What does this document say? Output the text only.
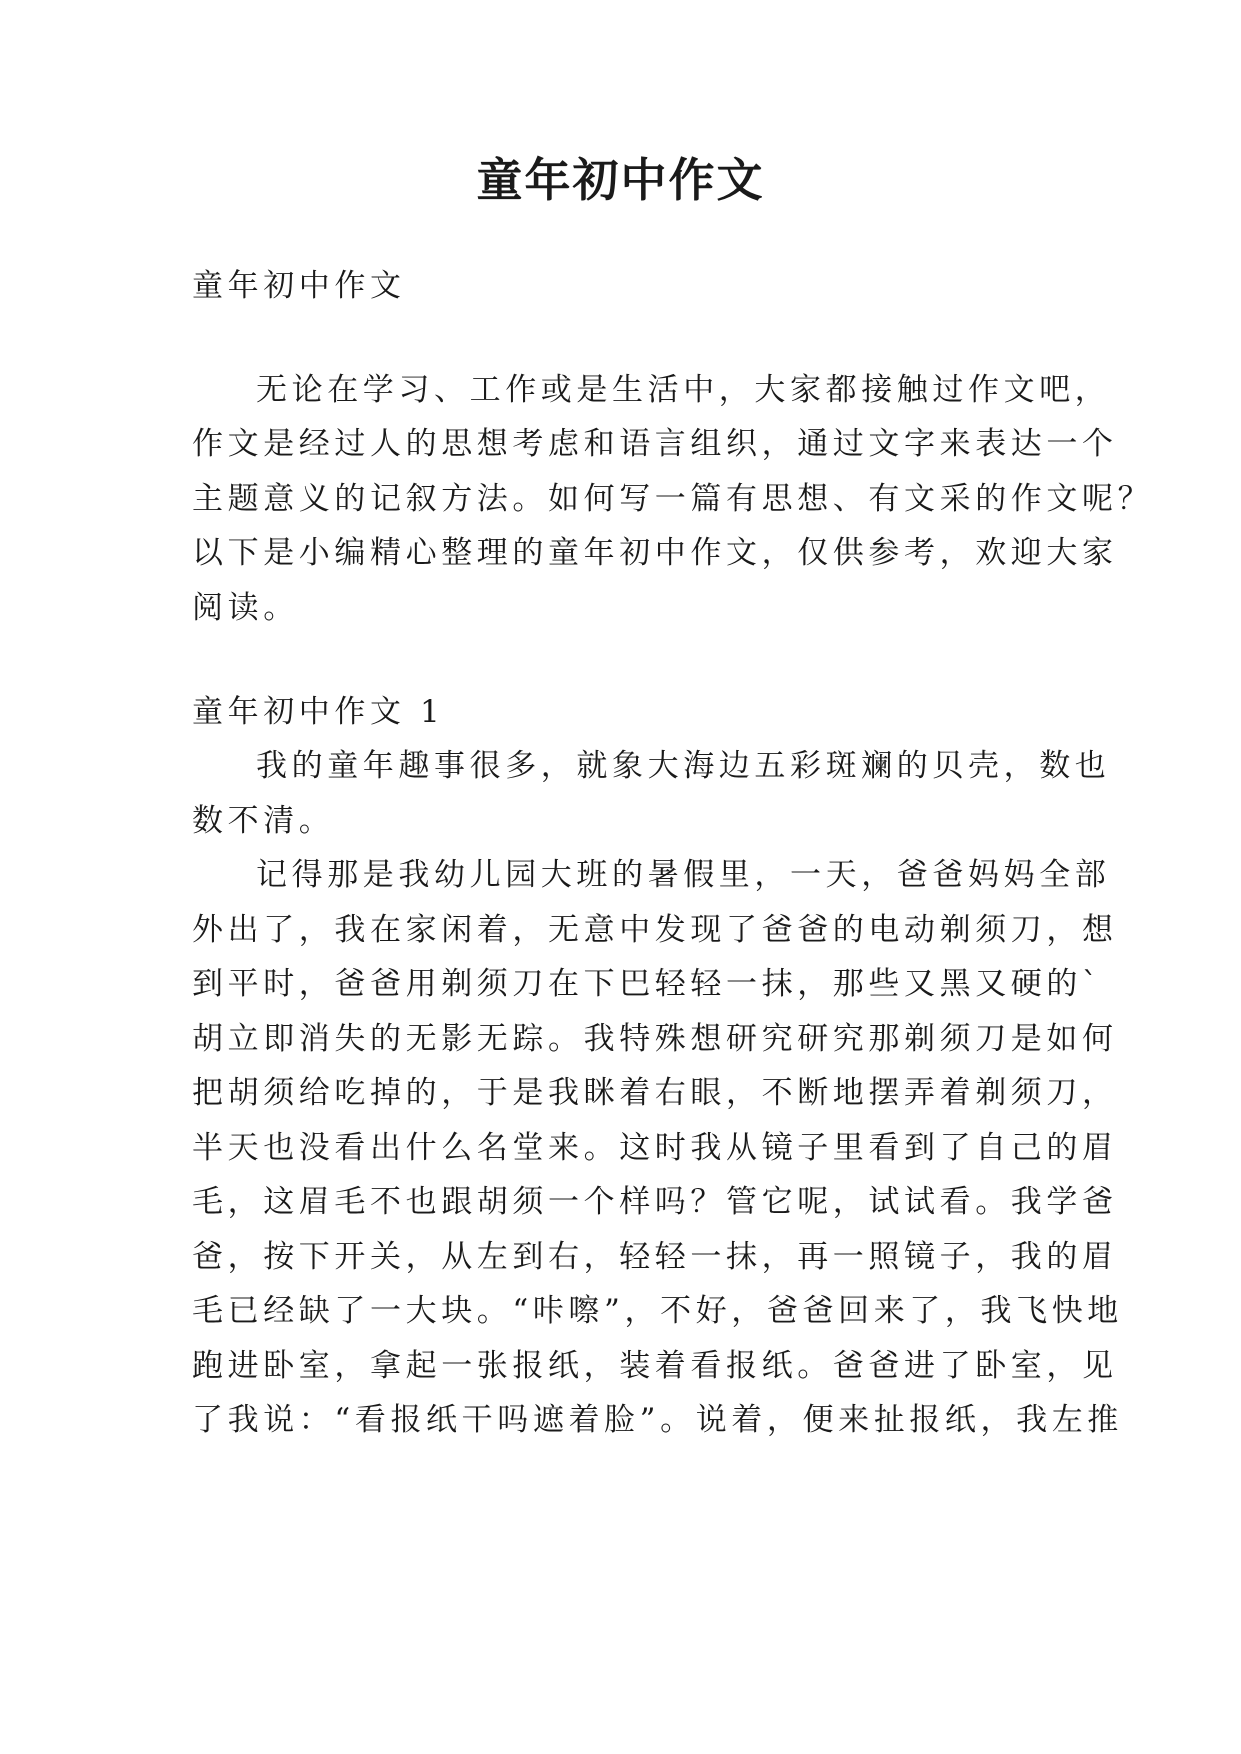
童年初中作文
童年初中作文
无论在学习、工作或是生活中，大家都接触过作文吧，
作文是经过人的思想考虑和语言组织，通过文字来表达一个
主题意义的记叙方法。如何写一篇有思想、有文采的作文呢？
以下是小编精心整理的童年初中作文，仅供参考，欢迎大家
阅读。
童年初中作文 1
我的童年趣事很多，就象大海边五彩斑斓的贝壳，数也
数不清。
记得那是我幼儿园大班的暑假里，一天，爸爸妈妈全部
外出了，我在家闲着，无意中发现了爸爸的电动剃须刀，想
到平时，爸爸用剃须刀在下巴轻轻一抹，那些又黑又硬的`
胡立即消失的无影无踪。我特殊想研究研究那剃须刀是如何
把胡须给吃掉的，于是我眯着右眼，不断地摆弄着剃须刀，
半天也没看出什么名堂来。这时我从镜子里看到了自己的眉
毛，这眉毛不也跟胡须一个样吗？管它呢，试试看。我学爸
爸，按下开关，从左到右，轻轻一抹，再一照镜子，我的眉
毛已经缺了一大块。“咔嚓”，不好，爸爸回来了，我飞快地
跑进卧室，拿起一张报纸，装着看报纸。爸爸进了卧室，见
了我说：“看报纸干吗遮着脸”。说着，便来扯报纸，我左推
